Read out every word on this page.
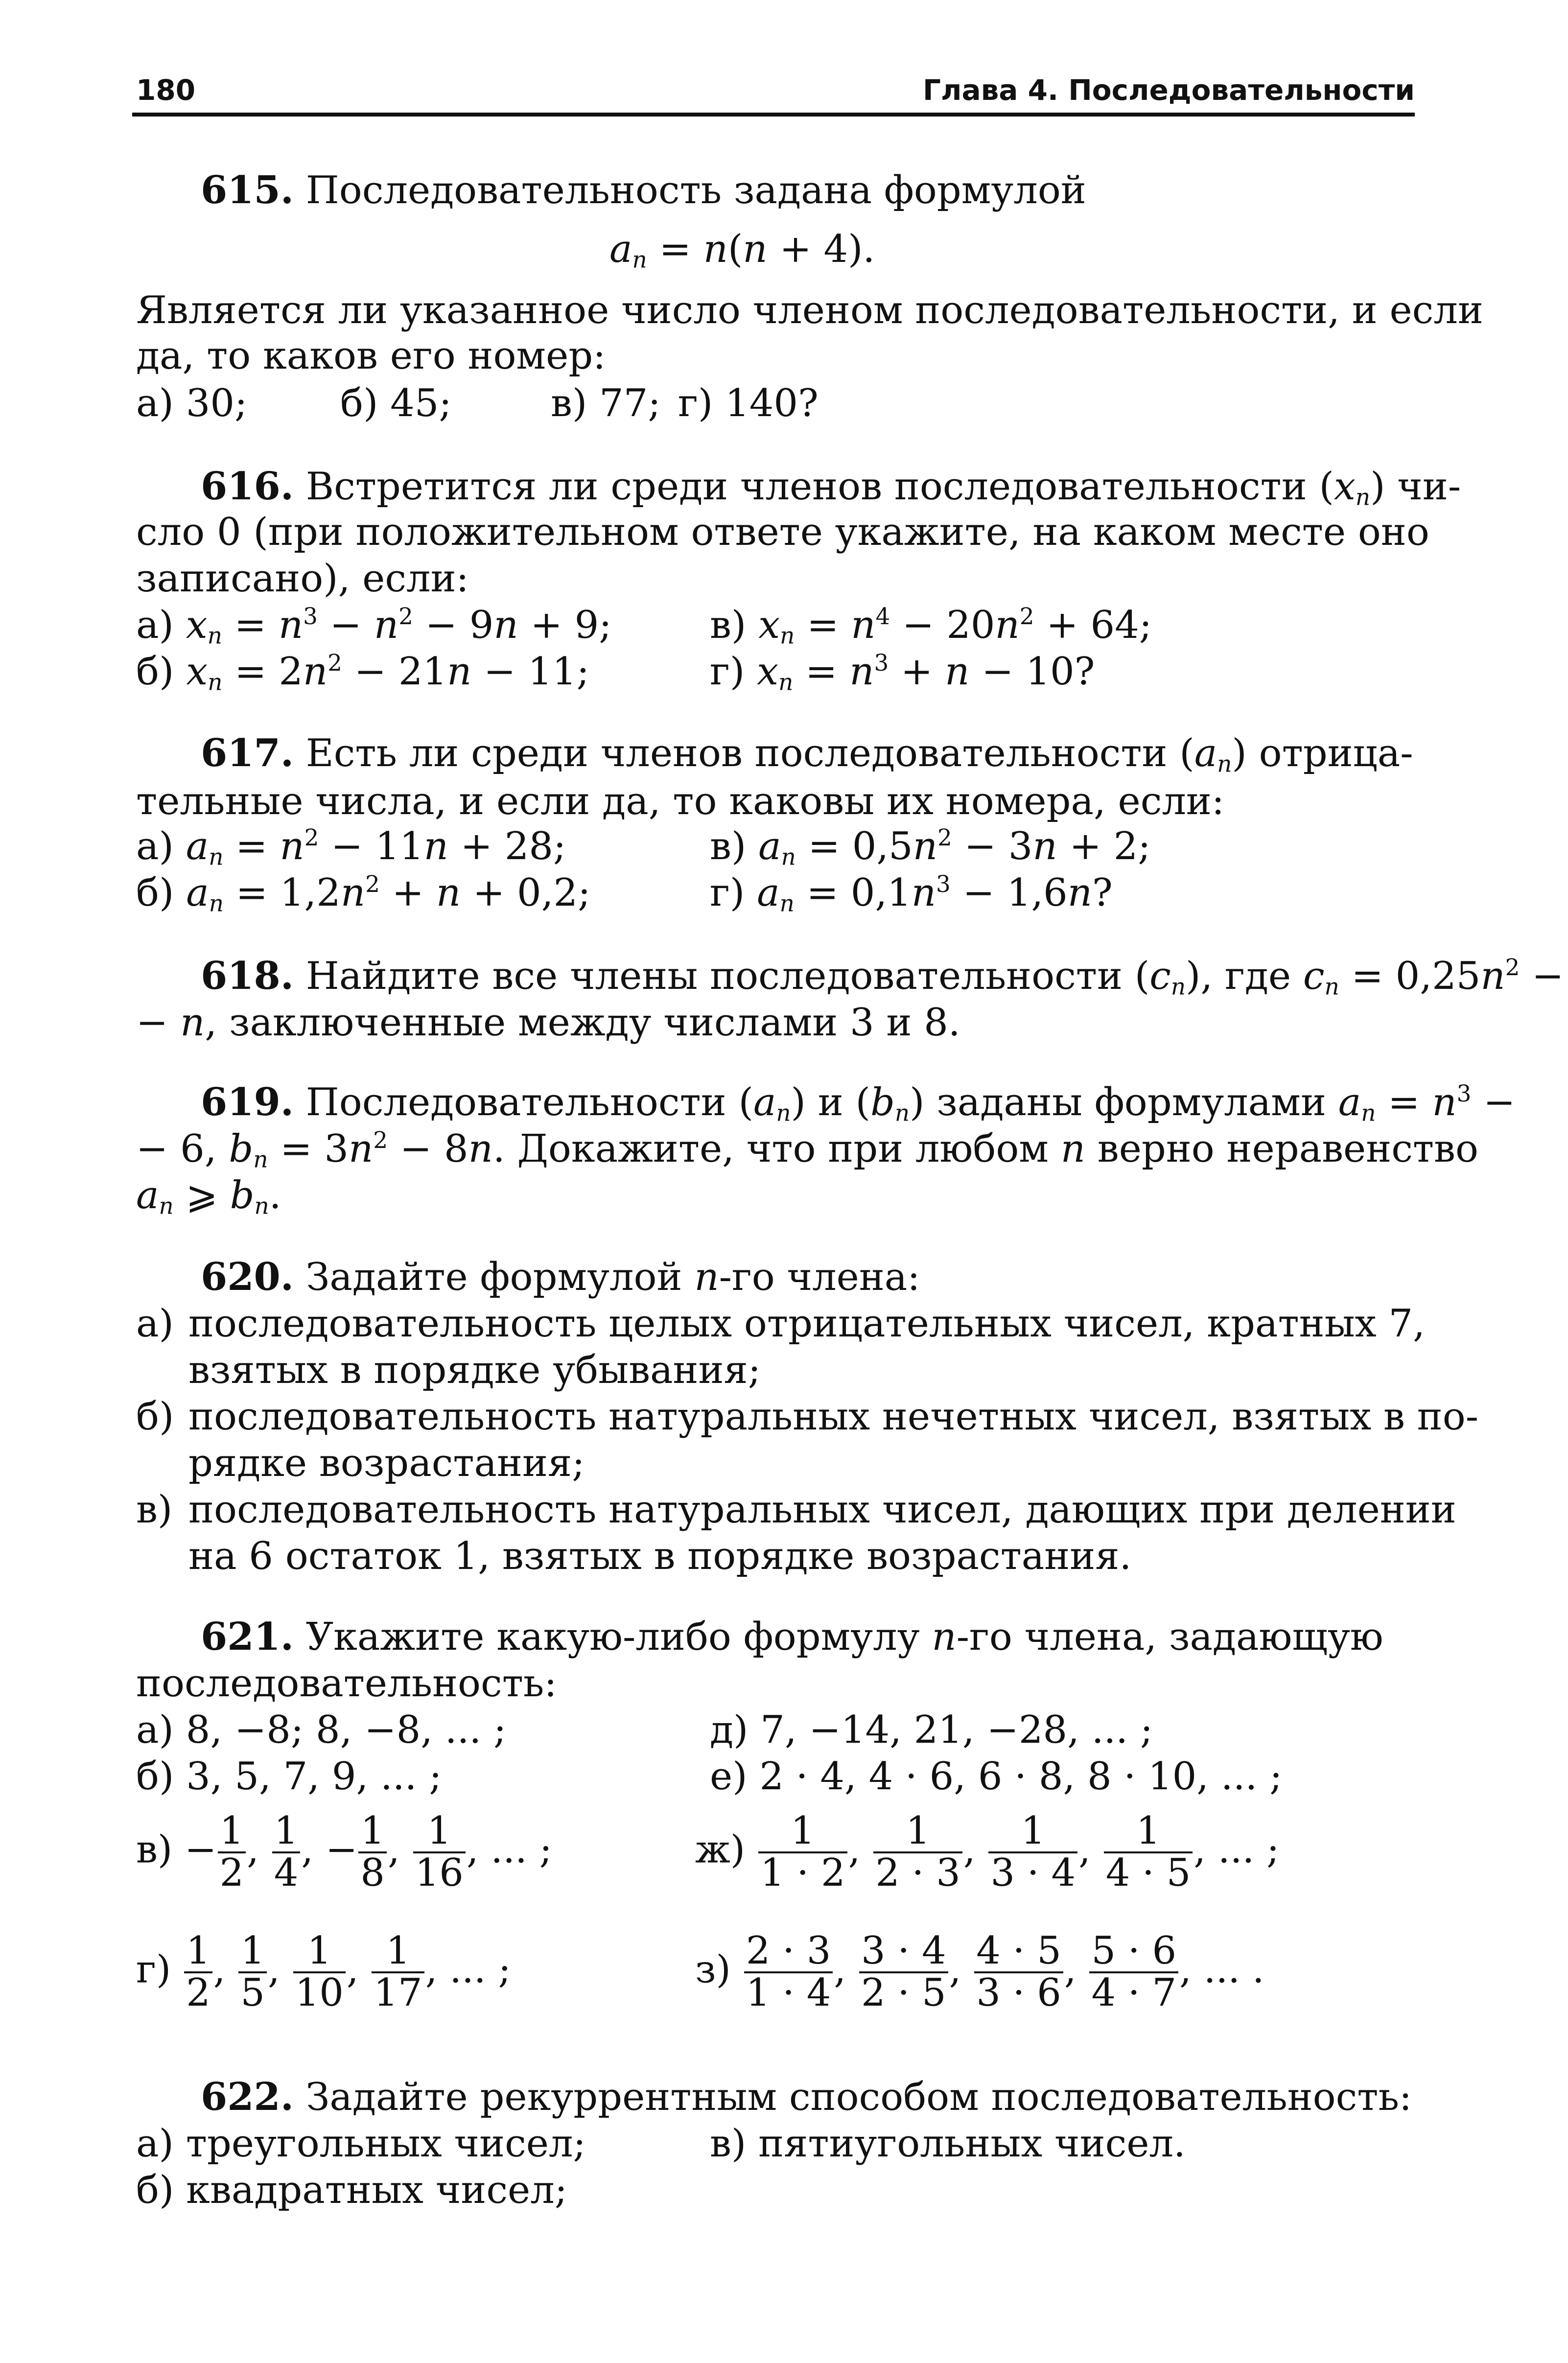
180	Глава 4. Последовательности
615. Последовательность задана формулой
$a_n = n(n + 4)$.
Является ли указанное число членом последовательности, и если
да, то каков его номер:
а) 30; б) 45;	в) 77; г) 140?
616. Встретится ли среди членов последовательности $(x_n)$ чи-
сло 0 (при положительном ответе укажите, на каком месте оно
записано), если:
а) $x_n = n^3 - n^2 - 9n + 9$;
б) $x_n = 2n^2 - 21n - 11$;
в) $x_n = n^4 - 20n^2 + 64$;
г) $x_n = n^3 + n - 10$?
617. Есть ли среди членов последовательности $(a_n)$ отрица-
тельные числа, и если да, то каковы их номера, если:
а) $a_n = n^2 - 11n + 28$;
б) $a_n = 1,2n^2 + n + 0,2$;
в) $a_n = 0,5n^2 - 3n + 2$;
г) $a_n = 0,1n^3 - 1,6n$?
618. Найдите все члены последовательности $(c_n)$, где $c_n = 0,25n^2$ −
− n, заключенные между числами 3 и 8.
619. Последовательности $(a_n)$ и $(b_n)$ заданы формулами $a_n = n^3$ −
− 6, $b_n = 3n^2 - 8n$. Докажите, что при любом n верно неравенство
$a_n$ ⩾ $b_n$.
620. Задайте формулой n-го члена:
а) последовательность целых отрицательных чисел, кратных 7,
взятых в порядке убывания;
б) последовательность натуральных нечетных чисел, взятых в по-
рядке возрастания;
в) последовательность натуральных чисел, дающих при делении
на 6 остаток 1, взятых в порядке возрастания.
621. Укажите какую-либо формулу n-го члена, задающую
последовательность:
а) 8, −8; 8, −8, ... ;
б) 3, 5, 7, 9, ... ;
д) 7, −14, 21, −28, ... ;
е) 2 · 4, 4 · 6, 6 · 8, 8 · 10, ... ;
$в) - \frac{1}{2}$ , $\frac{1}{4}$ , − $\frac{1}{8}$ , $\frac{1}{16}$ , ... ;	$ж) \frac{1}{1 \cdot 2}$ , $\frac{1}{2 \cdot 3}$ , $\frac{1}{3 \cdot 4}$ , $\frac{1}{4 \cdot 5}$ , ... ;
$г) \frac{1}{2}$ , $\frac{1}{5}$ , $\frac{1}{10}$ , $\frac{1}{17}$ , ... ;	$з) \frac{2 \cdot 3}{1 \cdot 4}$ , $\frac{3 \cdot 4}{2 \cdot 5}$ , $\frac{4 \cdot 5}{3 \cdot 6}$ , $\frac{5 \cdot 6}{4 \cdot 7}$ , ... .
622. Задайте рекуррентным способом последовательность:
а) треугольных чисел;	в) пятиугольных чисел.
б) квадратных чисел;
